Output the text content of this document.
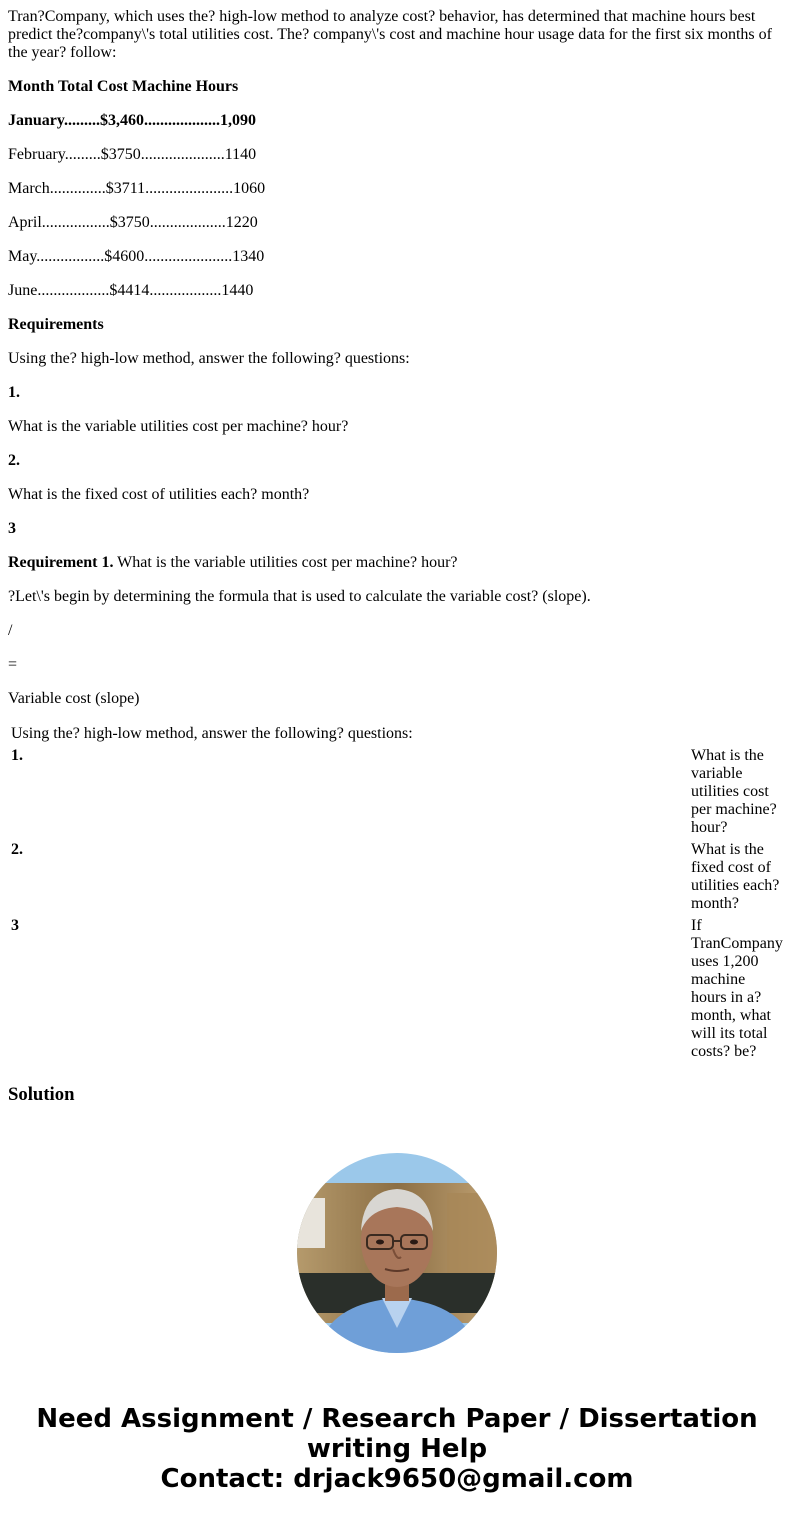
Tran?Company, which uses the? high-low method to analyze cost? behavior, has determined that machine hours best predict the?company\'s total utilities cost. The? company\'s cost and machine hour usage data for the first six months of the year? follow:

Month Total Cost Machine Hours

January.........$3,460...................1,090

February.........$3750.....................1140

March..............$3711......................1060

April.................$3750...................1220

May.................$4600......................1340

June..................$4414..................1440

Requirements

Using the? high-low method, answer the following? questions:

1.

What is the variable utilities cost per machine? hour?

2.

What is the fixed cost of utilities each? month?

3

Requirement 1. What is the variable utilities cost per machine? hour?

?Let\'s begin by determining the formula that is used to calculate the variable cost? (slope).

/

=

Variable cost (slope)

Using the? high-low method, answer the following? questions:	
1.	What is the variable utilities cost per machine? hour?
2.	What is the fixed cost of utilities each? month?
3	If TranCompany uses 1,200 machine hours in a? month, what will its total costs? be?
Solution
Need Assignment / Research Paper / Dissertation
writing Help
Contact: drjack9650@gmail.com
